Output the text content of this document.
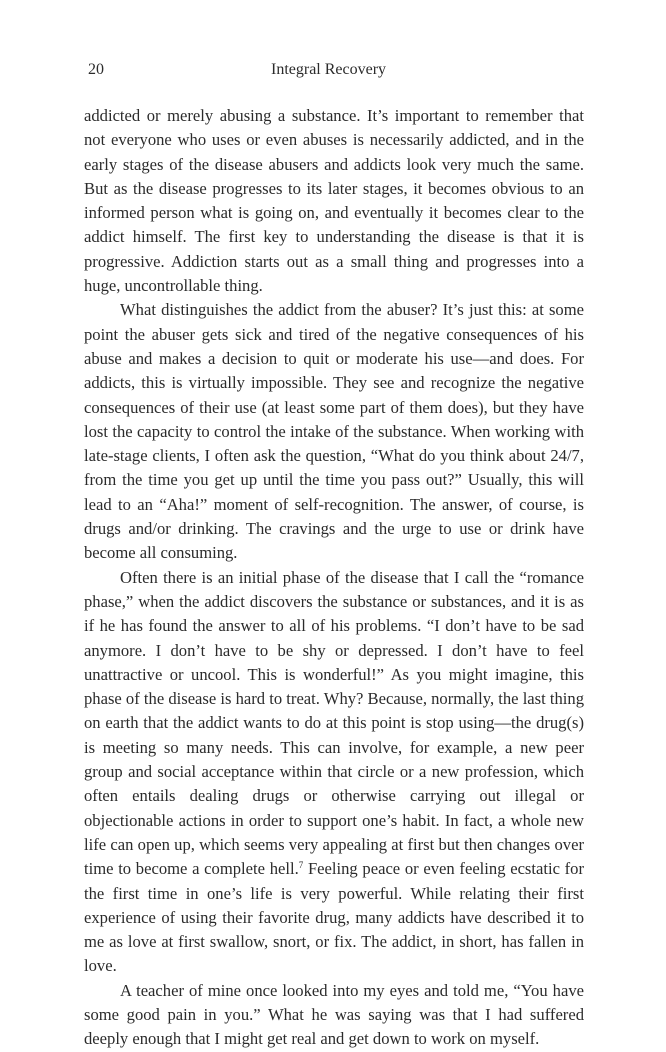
20	Integral Recovery

addicted or merely abusing a substance. It’s important to remember that not everyone who uses or even abuses is necessarily addicted, and in the early stages of the disease abusers and addicts look very much the same. But as the disease progresses to its later stages, it becomes obvious to an informed person what is going on, and eventually it becomes clear to the addict himself. The first key to understanding the disease is that it is progressive. Addiction starts out as a small thing and progresses into a huge, uncontrollable thing.

What distinguishes the addict from the abuser? It’s just this: at some point the abuser gets sick and tired of the negative consequences of his abuse and makes a decision to quit or moderate his use—and does. For addicts, this is virtually impossible. They see and recognize the negative consequences of their use (at least some part of them does), but they have lost the capacity to control the intake of the substance. When working with late-stage clients, I often ask the question, “What do you think about 24/7, from the time you get up until the time you pass out?” Usually, this will lead to an “Aha!” moment of self-recognition. The answer, of course, is drugs and/or drinking. The cravings and the urge to use or drink have become all consuming.

Often there is an initial phase of the disease that I call the “romance phase,” when the addict discovers the substance or substances, and it is as if he has found the answer to all of his problems. “I don’t have to be sad anymore. I don’t have to be shy or depressed. I don’t have to feel unattractive or uncool. This is wonderful!” As you might imagine, this phase of the disease is hard to treat. Why? Because, normally, the last thing on earth that the addict wants to do at this point is stop using—the drug(s) is meeting so many needs. This can involve, for example, a new peer group and social acceptance within that circle or a new profession, which often entails dealing drugs or otherwise carrying out illegal or objectionable actions in order to support one’s habit. In fact, a whole new life can open up, which seems very appealing at first but then changes over time to become a complete hell.$^7$ Feeling peace or even feeling ecstatic for the first time in one’s life is very powerful. While relating their first experience of using their favorite drug, many addicts have described it to me as love at first swallow, snort, or fix. The addict, in short, has fallen in love.

A teacher of mine once looked into my eyes and told me, “You have some good pain in you.” What he was saying was that I had suffered deeply enough that I might get real and get down to work on myself.
